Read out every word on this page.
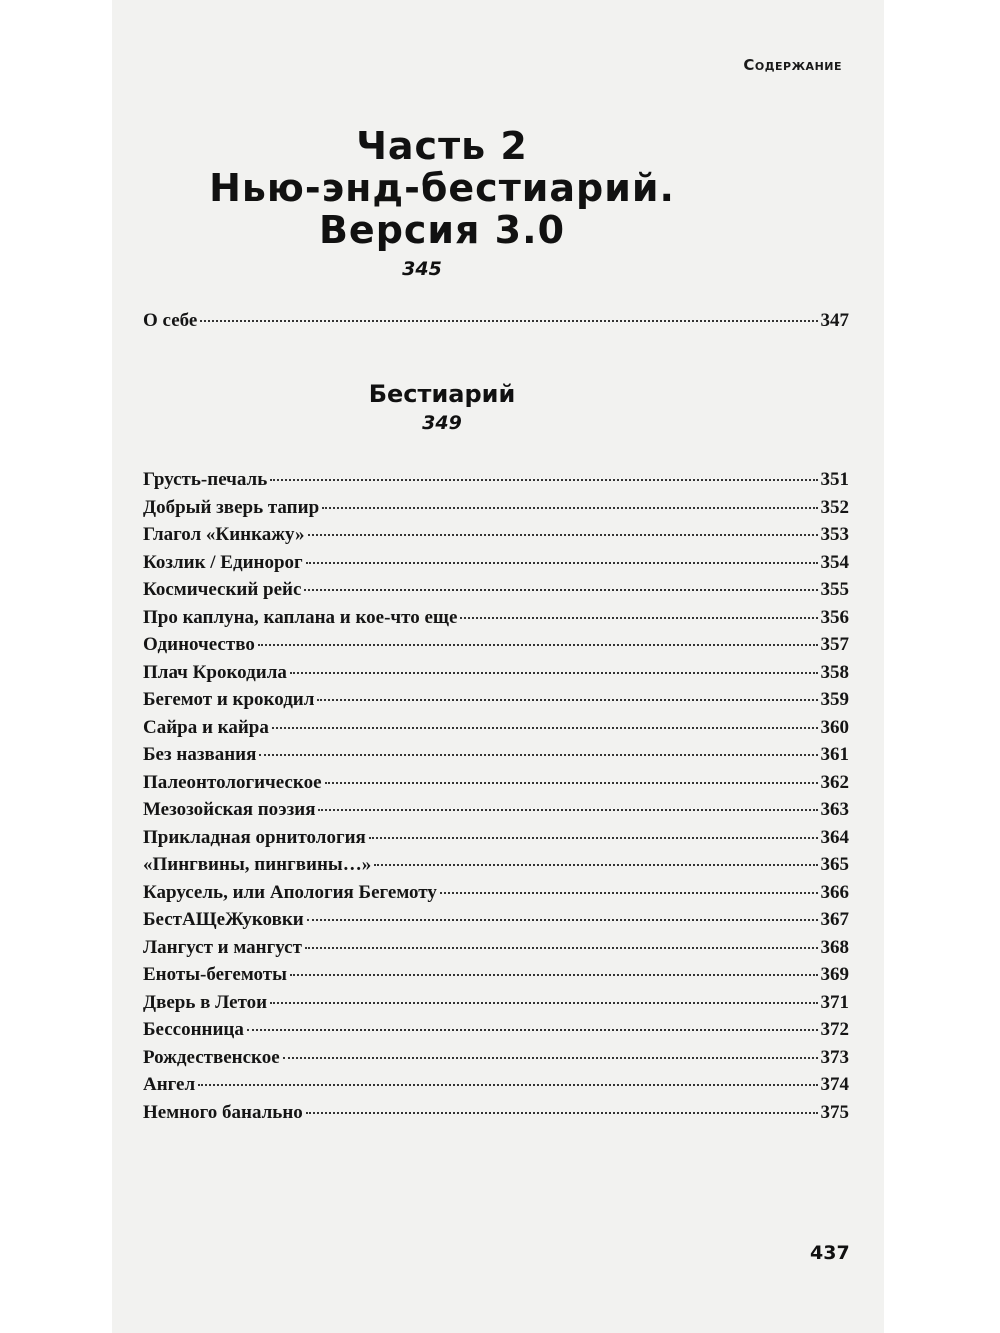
Содержание
Часть 2
Нью-энд-бестиарий.
Версия 3.0
345
О себе	347
Бестиарий
349
Грусть-печаль	351
Добрый зверь тапир	352
Глагол «Кинкажу»	353
Козлик / Единорог	354
Космический рейс	355
Про каплуна, каплана и кое-что еще	356
Одиночество	357
Плач Крокодила	358
Бегемот и крокодил	359
Сайра и кайра	360
Без названия	361
Палеонтологическое	362
Мезозойская поэзия	363
Прикладная орнитология	364
«Пингвины, пингвины…»	365
Карусель, или Апология Бегемоту	366
БестАЩеЖуковки	367
Лангуст и мангуст	368
Еноты-бегемоты	369
Дверь в Летои	371
Бессонница	372
Рождественское	373
Ангел	374
Немного банально	375
437
